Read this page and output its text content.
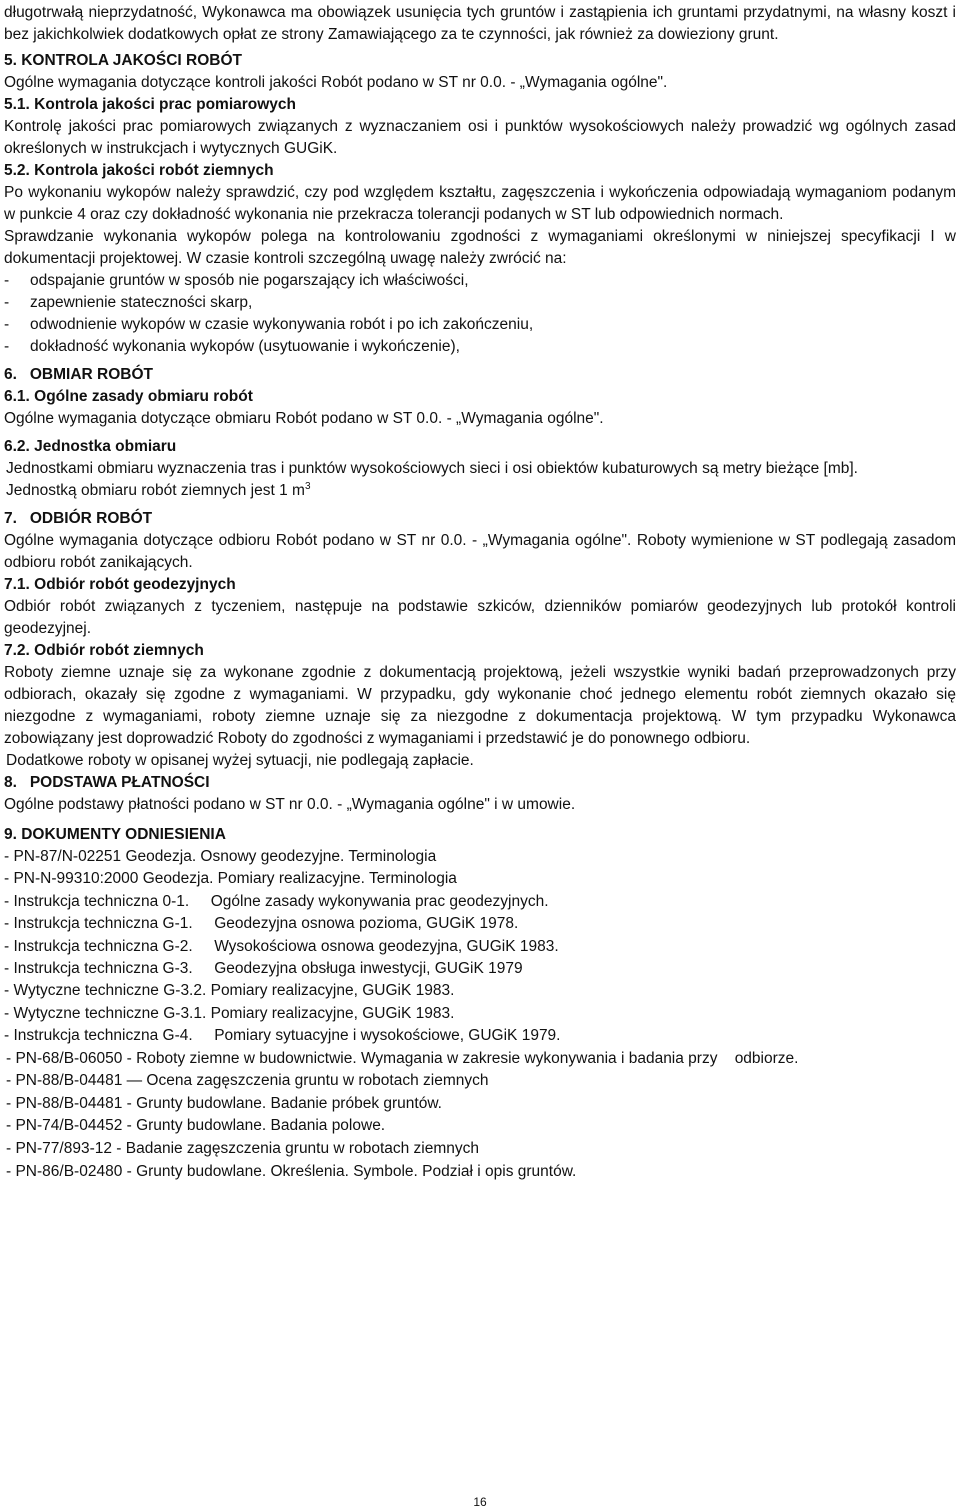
długotrwałą nieprzydatność, Wykonawca ma obowiązek usunięcia tych gruntów i zastąpienia ich gruntami przydatnymi, na własny koszt i bez jakichkolwiek dodatkowych opłat ze strony Zamawiającego za te czynności, jak również za dowieziony grunt.

5. KONTROLA JAKOŚCI ROBÓT

Ogólne wymagania dotyczące kontroli jakości Robót podano w ST nr 0.0. - „Wymagania ogólne".

5.1. Kontrola jakości prac pomiarowych

Kontrolę jakości prac pomiarowych związanych z wyznaczaniem osi i punktów wysokościowych należy prowadzić wg ogólnych zasad określonych w instrukcjach i wytycznych GUGiK.

5.2. Kontrola jakości robót ziemnych

Po wykonaniu wykopów należy sprawdzić, czy pod względem kształtu, zagęszczenia i wykończenia odpowiadają wymaganiom podanym w punkcie 4 oraz czy dokładność wykonania nie przekracza tolerancji podanych w ST lub odpowiednich normach.

Sprawdzanie wykonania wykopów polega na kontrolowaniu zgodności z wymaganiami określonymi w niniejszej specyfikacji I w dokumentacji projektowej. W czasie kontroli szczególną uwagę należy zwrócić na:

-	odspajanie gruntów w sposób nie pogarszający ich właściwości,
-	zapewnienie stateczności skarp,
-	odwodnienie wykopów w czasie wykonywania robót i po ich zakończeniu,
-	dokładność wykonania wykopów (usytuowanie i wykończenie),

6.   OBMIAR ROBÓT

6.1. Ogólne zasady obmiaru robót

Ogólne wymagania dotyczące obmiaru Robót podano w ST 0.0. - „Wymagania ogólne".

6.2. Jednostka obmiaru

Jednostkami obmiaru wyznaczenia tras i punktów wysokościowych sieci i osi obiektów kubaturowych są metry bieżące [mb].

Jednostką obmiaru robót ziemnych jest 1 $m^3$

7.   ODBIÓR ROBÓT

Ogólne wymagania dotyczące odbioru Robót podano w ST nr 0.0. - „Wymagania ogólne". Roboty wymienione w ST podlegają zasadom odbioru robót zanikających.

7.1. Odbiór robót geodezyjnych

Odbiór robót związanych z tyczeniem, następuje na podstawie szkiców, dzienników pomiarów geodezyjnych lub protokół kontroli geodezyjnej.

7.2. Odbiór robót ziemnych

Roboty ziemne uznaje się za wykonane zgodnie z dokumentacją projektową, jeżeli wszystkie wyniki badań przeprowadzonych przy odbiorach, okazały się zgodne z wymaganiami. W przypadku, gdy wykonanie choć jednego elementu robót ziemnych okazało się niezgodne z wymaganiami, roboty ziemne uznaje się za niezgodne z dokumentacja projektową. W tym przypadku Wykonawca zobowiązany jest doprowadzić Roboty do zgodności z wymaganiami i przedstawić je do ponownego odbioru.

Dodatkowe roboty w opisanej wyżej sytuacji, nie podlegają zapłacie.

8.   PODSTAWA PŁATNOŚCI

Ogólne podstawy płatności podano w ST nr 0.0. - „Wymagania ogólne" i w umowie.

9. DOKUMENTY ODNIESIENIA

- PN-87/N-02251 Geodezja. Osnowy geodezyjne. Terminologia

- PN-N-99310:2000 Geodezja. Pomiary realizacyjne. Terminologia

- Instrukcja techniczna 0-1.     Ogólne zasady wykonywania prac geodezyjnych.

- Instrukcja techniczna G-1.     Geodezyjna osnowa pozioma, GUGiK 1978.

- Instrukcja techniczna G-2.     Wysokościowa osnowa geodezyjna, GUGiK 1983.

- Instrukcja techniczna G-3.     Geodezyjna obsługa inwestycji, GUGiK 1979

- Wytyczne techniczne G-3.2. Pomiary realizacyjne, GUGiK 1983.

- Wytyczne techniczne G-3.1. Pomiary realizacyjne, GUGiK 1983.

- Instrukcja techniczna G-4.     Pomiary sytuacyjne i wysokościowe, GUGiK 1979.

- PN-68/B-06050 - Roboty ziemne w budownictwie. Wymagania w zakresie wykonywania i badania przy    odbiorze.

- PN-88/B-04481 — Ocena zagęszczenia gruntu w robotach ziemnych

- PN-88/B-04481 - Grunty budowlane. Badanie próbek gruntów.

- PN-74/B-04452 - Grunty budowlane. Badania polowe.

- PN-77/893-12 - Badanie zagęszczenia gruntu w robotach ziemnych

- PN-86/B-02480 - Grunty budowlane. Określenia. Symbole. Podział i opis gruntów.

16
